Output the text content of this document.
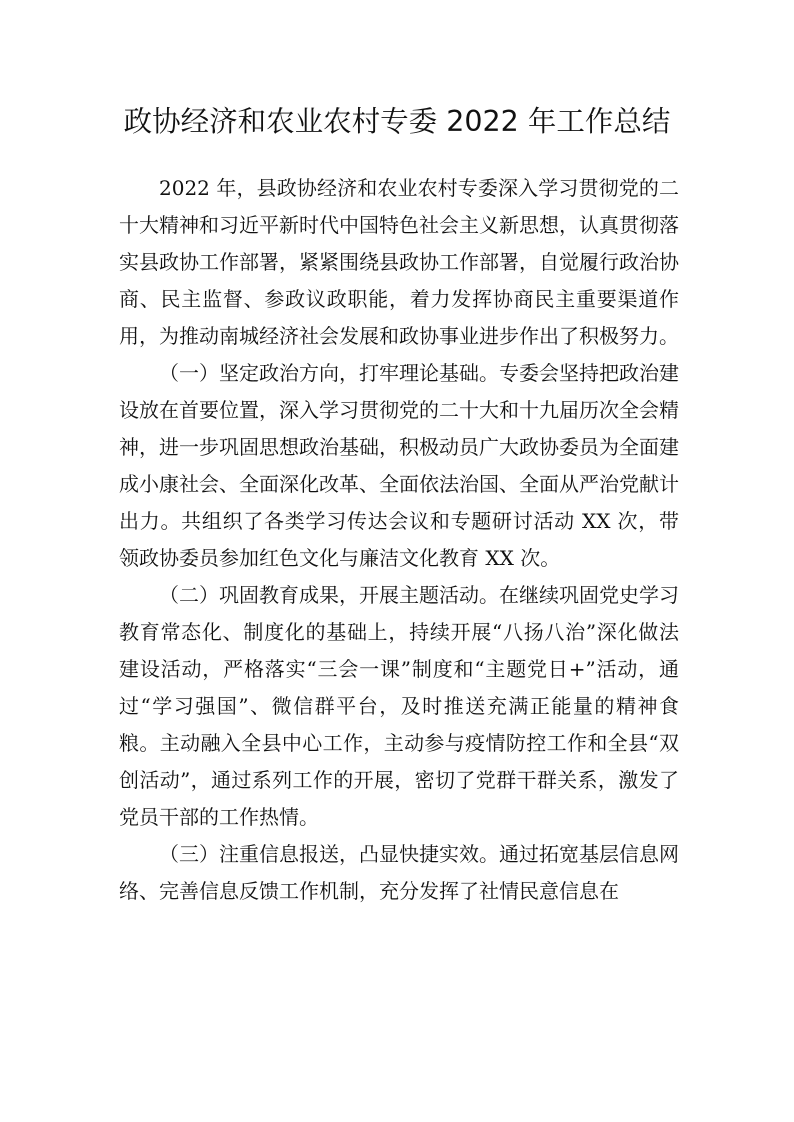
政协经济和农业农村专委 2022 年工作总结

2022 年，县政协经济和农业农村专委深入学习贯彻党的二十大精神和习近平新时代中国特色社会主义新思想，认真贯彻落实县政协工作部署，紧紧围绕县政协工作部署，自觉履行政治协商、民主监督、参政议政职能，着力发挥协商民主重要渠道作用，为推动南城经济社会发展和政协事业进步作出了积极努力。

（一）坚定政治方向，打牢理论基础。专委会坚持把政治建设放在首要位置，深入学习贯彻党的二十大和十九届历次全会精神，进一步巩固思想政治基础，积极动员广大政协委员为全面建成小康社会、全面深化改革、全面依法治国、全面从严治党献计出力。共组织了各类学习传达会议和专题研讨活动 XX 次，带领政协委员参加红色文化与廉洁文化教育 XX 次。

（二）巩固教育成果，开展主题活动。在继续巩固党史学习教育常态化、制度化的基础上，持续开展“八扬八治”深化做法建设活动，严格落实“三会一课”制度和“主题党日+”活动，通过“学习强国”、微信群平台，及时推送充满正能量的精神食粮。主动融入全县中心工作，主动参与疫情防控工作和全县“双创活动”，通过系列工作的开展，密切了党群干群关系，激发了党员干部的工作热情。

（三）注重信息报送，凸显快捷实效。通过拓宽基层信息网络、完善信息反馈工作机制，充分发挥了社情民意信息在
